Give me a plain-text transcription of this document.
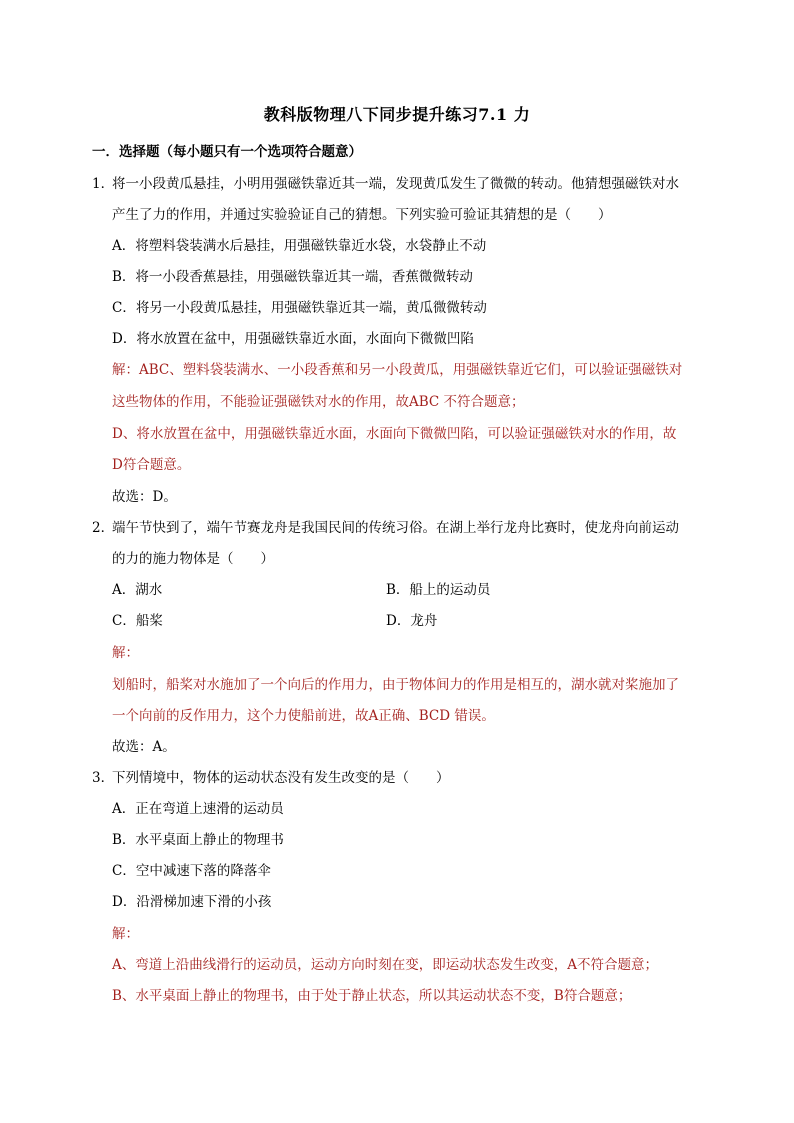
教科版物理八下同步提升练习7.1 力
一．选择题（每小题只有一个选项符合题意）
1．
将一小段黄瓜悬挂，小明用强磁铁靠近其一端，发现黄瓜发生了微微的转动。他猜想强磁铁对水
产生了力的作用，并通过实验验证自己的猜想。下列实验可验证其猜想的是（　　）
A．将塑料袋装满水后悬挂，用强磁铁靠近水袋，水袋静止不动
B．将一小段香蕉悬挂，用强磁铁靠近其一端，香蕉微微转动
C．将另一小段黄瓜悬挂，用强磁铁靠近其一端，黄瓜微微转动
D．将水放置在盆中，用强磁铁靠近水面，水面向下微微凹陷
解：ABC、塑料袋装满水、一小段香蕉和另一小段黄瓜，用强磁铁靠近它们，可以验证强磁铁对
这些物体的作用，不能验证强磁铁对水的作用，故ABC 不符合题意；
D、将水放置在盆中，用强磁铁靠近水面，水面向下微微凹陷，可以验证强磁铁对水的作用，故
D符合题意。
故选：D。
2．
端午节快到了，端午节赛龙舟是我国民间的传统习俗。在湖上举行龙舟比赛时，使龙舟向前运动
的力的施力物体是（　　）
A．湖水	B．船上的运动员
C．船桨	D．龙舟
解：
划船时，船桨对水施加了一个向后的作用力，由于物体间力的作用是相互的，湖水就对桨施加了
一个向前的反作用力，这个力使船前进，故A正确、BCD 错误。
故选：A。
3．
下列情境中，物体的运动状态没有发生改变的是（　　）
A．正在弯道上速滑的运动员
B．水平桌面上静止的物理书
C．空中减速下落的降落伞
D．沿滑梯加速下滑的小孩
解：
A、弯道上沿曲线滑行的运动员，运动方向时刻在变，即运动状态发生改变，A不符合题意；
B、水平桌面上静止的物理书，由于处于静止状态，所以其运动状态不变，B符合题意；
